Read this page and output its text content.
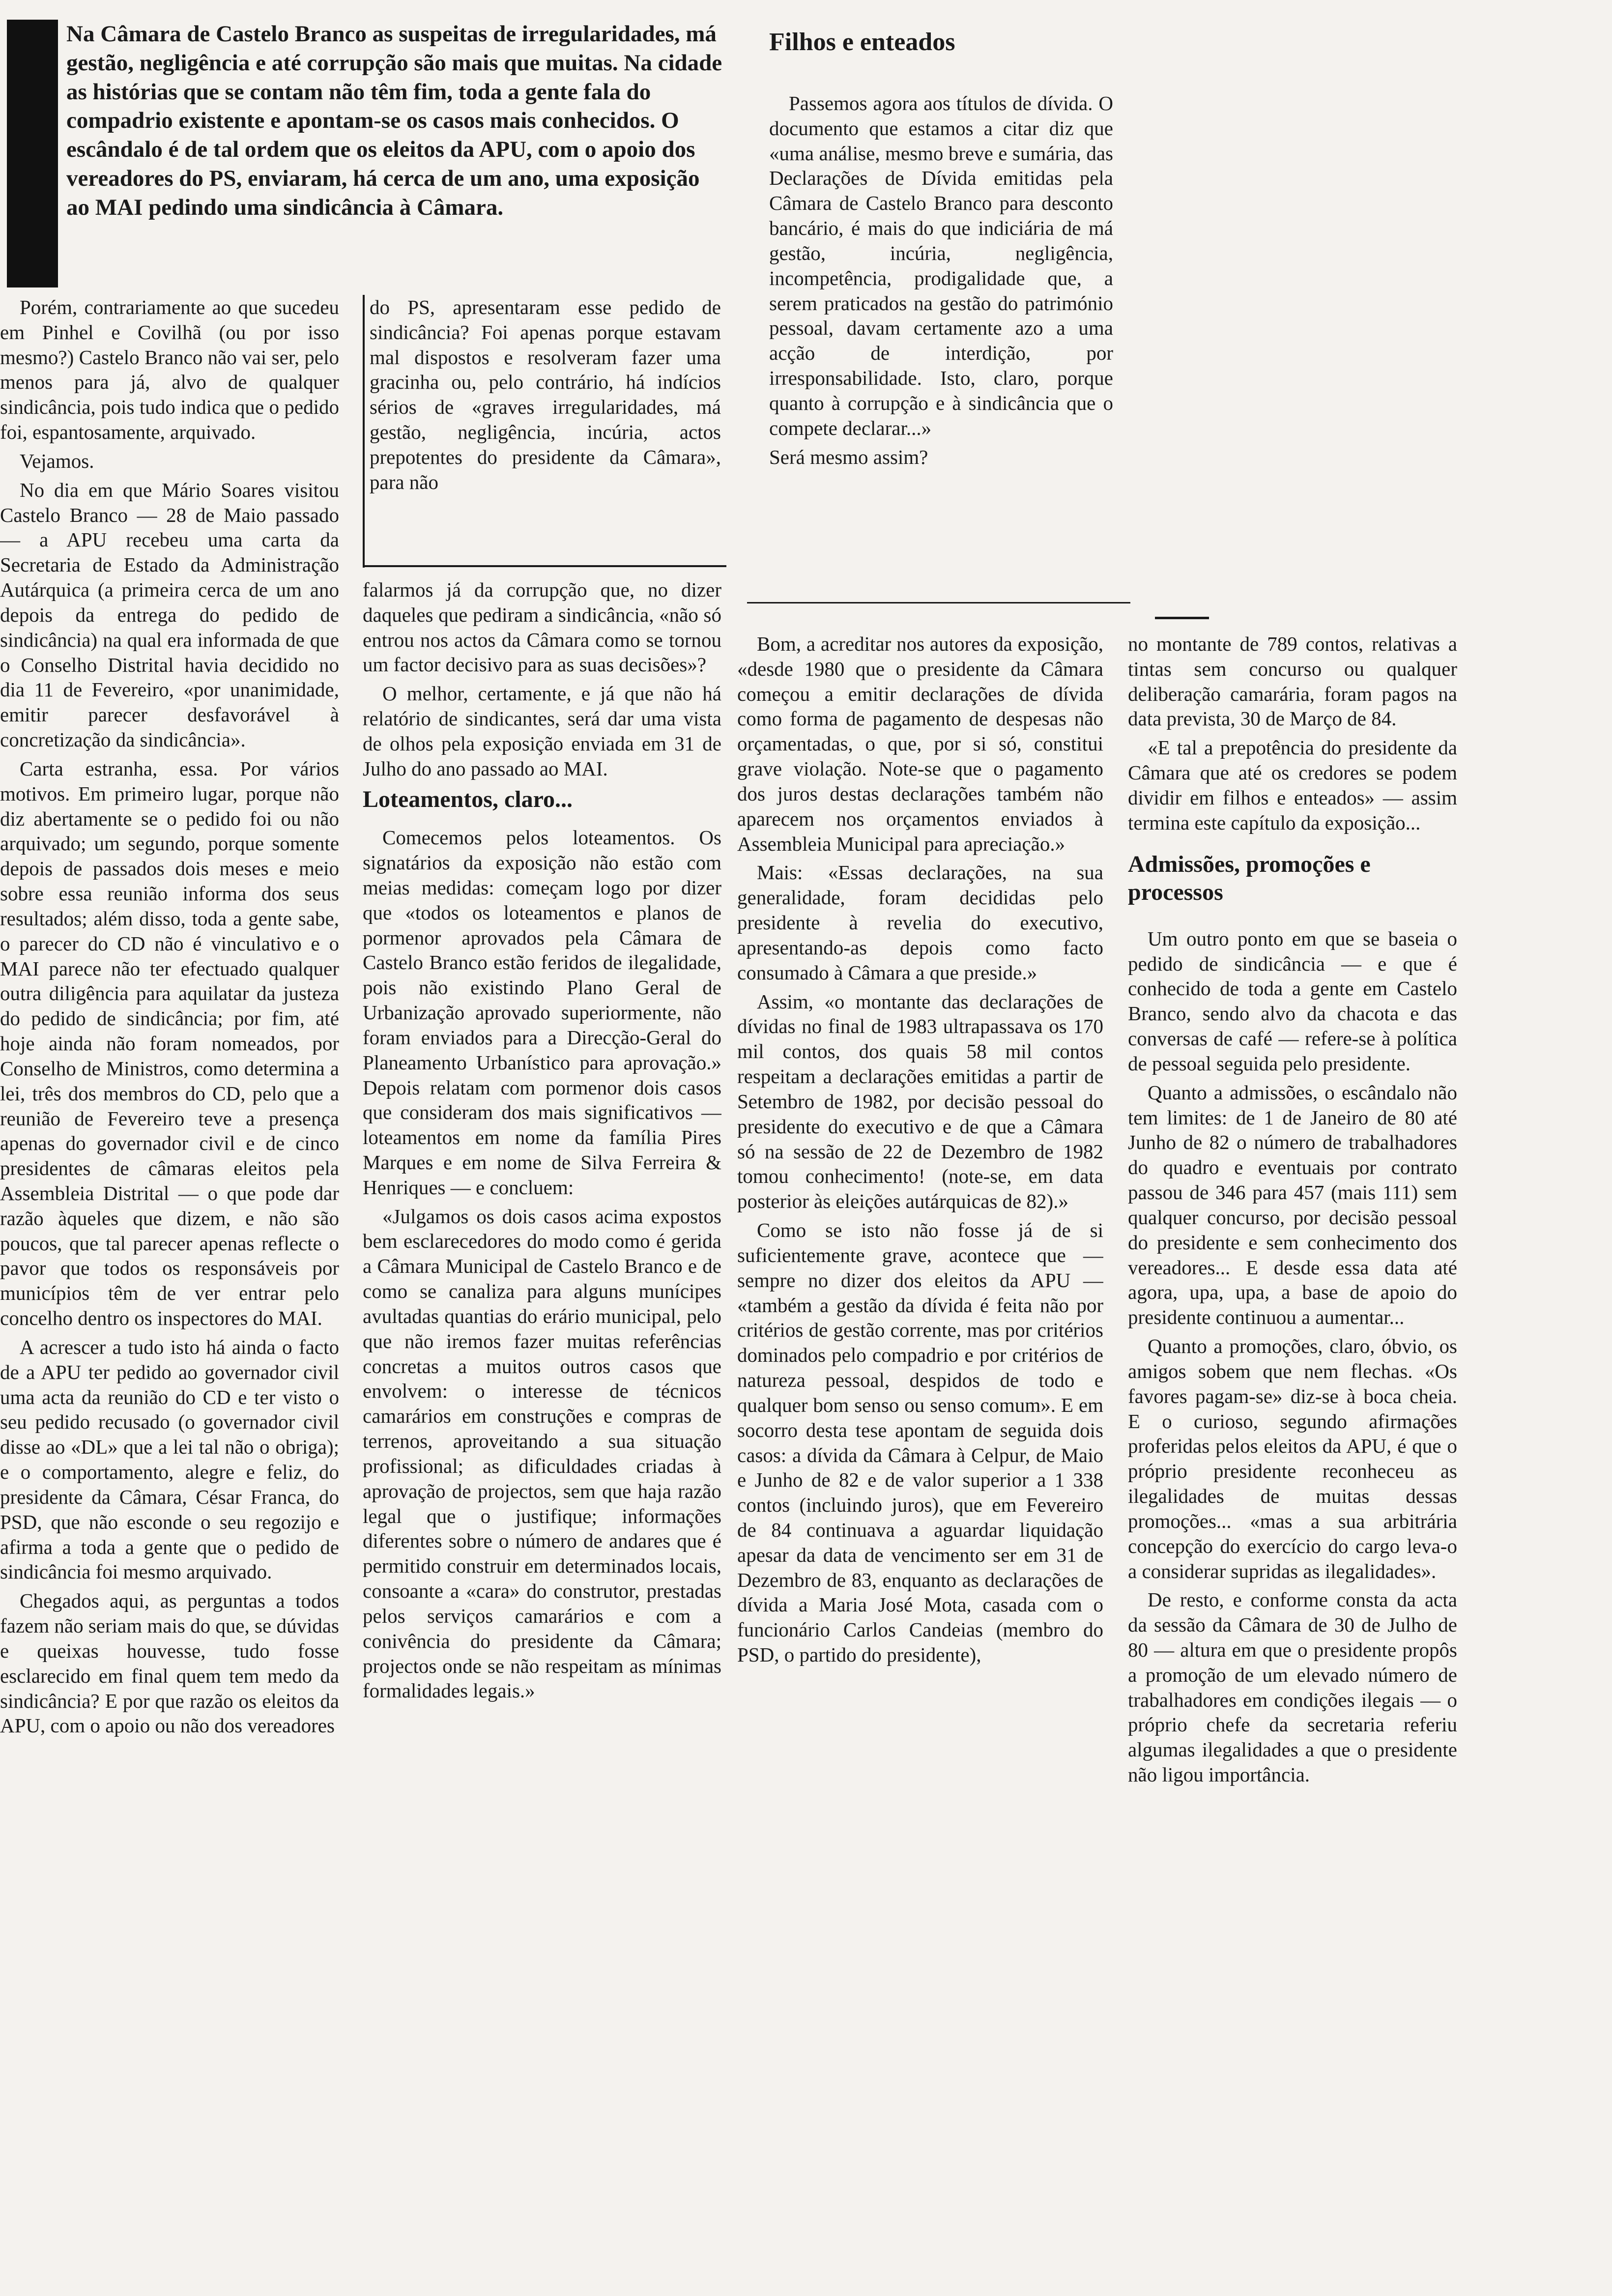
Na Câmara de Castelo Branco as suspeitas de irregularidades, má gestão, negligência e até corrupção são mais que muitas. Na cidade as histórias que se contam não têm fim, toda a gente fala do compadrio existente e apontam-se os casos mais conhecidos. O escândalo é de tal ordem que os eleitos da APU, com o apoio dos vereadores do PS, enviaram, há cerca de um ano, uma exposição ao MAI pedindo uma sindicância à Câmara.

Porém, contrariamente ao que sucedeu em Pinhel e Covilhã (ou por isso mesmo?) Castelo Branco não vai ser, pelo menos para já, alvo de qualquer sindicância, pois tudo indica que o pedido foi, espantosamente, arquivado.

Vejamos.

No dia em que Mário Soares visitou Castelo Branco — 28 de Maio passado — a APU recebeu uma carta da Secretaria de Estado da Administração Autárquica (a primeira cerca de um ano depois da entrega do pedido de sindicância) na qual era informada de que o Conselho Distrital havia decidido no dia 11 de Fevereiro, «por unanimidade, emitir parecer desfavorável à concretização da sindicância».

Carta estranha, essa. Por vários motivos. Em primeiro lugar, porque não diz abertamente se o pedido foi ou não arquivado; um segundo, porque somente depois de passados dois meses e meio sobre essa reunião informa dos seus resultados; além disso, toda a gente sabe, o parecer do CD não é vinculativo e o MAI parece não ter efectuado qualquer outra diligência para aquilatar da justeza do pedido de sindicância; por fim, até hoje ainda não foram nomeados, por Conselho de Ministros, como determina a lei, três dos membros do CD, pelo que a reunião de Fevereiro teve a presença apenas do governador civil e de cinco presidentes de câmaras eleitos pela Assembleia Distrital — o que pode dar razão àqueles que dizem, e não são poucos, que tal parecer apenas reflecte o pavor que todos os responsáveis por municípios têm de ver entrar pelo concelho dentro os inspectores do MAI.

A acrescer a tudo isto há ainda o facto de a APU ter pedido ao governador civil uma acta da reunião do CD e ter visto o seu pedido recusado (o governador civil disse ao «DL» que a lei tal não o obriga); e o comportamento, alegre e feliz, do presidente da Câmara, César Franca, do PSD, que não esconde o seu regozijo e afirma a toda a gente que o pedido de sindicância foi mesmo arquivado.

Chegados aqui, as perguntas a todos fazem não seriam mais do que, se dúvidas e queixas houvesse, tudo fosse esclarecido em final quem tem medo da sindicância? E por que razão os eleitos da APU, com o apoio ou não dos vereadores

do PS, apresentaram esse pedido de sindicância? Foi apenas porque estavam mal dispostos e resolveram fazer uma gracinha ou, pelo contrário, há indícios sérios de «graves irregularidades, má gestão, negligência, incúria, actos prepotentes do presidente da Câmara», para não

falarmos já da corrupção que, no dizer daqueles que pediram a sindicância, «não só entrou nos actos da Câmara como se tornou um factor decisivo para as suas decisões»?

O melhor, certamente, e já que não há relatório de sindicantes, será dar uma vista de olhos pela exposição enviada em 31 de Julho do ano passado ao MAI.

Loteamentos, claro...

Comecemos pelos loteamentos. Os signatários da exposição não estão com meias medidas: começam logo por dizer que «todos os loteamentos e planos de pormenor aprovados pela Câmara de Castelo Branco estão feridos de ilegalidade, pois não existindo Plano Geral de Urbanização aprovado superiormente, não foram enviados para a Direcção-Geral do Planeamento Urbanístico para aprovação.» Depois relatam com pormenor dois casos que consideram dos mais significativos — loteamentos em nome da família Pires Marques e em nome de Silva Ferreira & Henriques — e concluem:

«Julgamos os dois casos acima expostos bem esclarecedores do modo como é gerida a Câmara Municipal de Castelo Branco e de como se canaliza para alguns munícipes avultadas quantias do erário municipal, pelo que não iremos fazer muitas referências concretas a muitos outros casos que envolvem: o interesse de técnicos camarários em construções e compras de terrenos, aproveitando a sua situação profissional; as dificuldades criadas à aprovação de projectos, sem que haja razão legal que o justifique; informações diferentes sobre o número de andares que é permitido construir em determinados locais, consoante a «cara» do construtor, prestadas pelos serviços camarários e com a conivência do presidente da Câmara; projectos onde se não respeitam as mínimas formalidades legais.»

Filhos e enteados

Passemos agora aos títulos de dívida. O documento que estamos a citar diz que «uma análise, mesmo breve e sumária, das Declarações de Dívida emitidas pela Câmara de Castelo Branco para desconto bancário, é mais do que indiciária de má gestão, incúria, negligência, incompetência, prodigalidade que, a serem praticados na gestão do património pessoal, davam certamente azo a uma acção de interdição, por irresponsabilidade. Isto, claro, porque quanto à corrupção e à sindicância que o compete declarar...»

Será mesmo assim?

Bom, a acreditar nos autores da exposição, «desde 1980 que o presidente da Câmara começou a emitir declarações de dívida como forma de pagamento de despesas não orçamentadas, o que, por si só, constitui grave violação. Note-se que o pagamento dos juros destas declarações também não aparecem nos orçamentos enviados à Assembleia Municipal para apreciação.»

Mais: «Essas declarações, na sua generalidade, foram decididas pelo presidente à revelia do executivo, apresentando-as depois como facto consumado à Câmara a que preside.»

Assim, «o montante das declarações de dívidas no final de 1983 ultrapassava os 170 mil contos, dos quais 58 mil contos respeitam a declarações emitidas a partir de Setembro de 1982, por decisão pessoal do presidente do executivo e de que a Câmara só na sessão de 22 de Dezembro de 1982 tomou conhecimento! (note-se, em data posterior às eleições autárquicas de 82).»

Como se isto não fosse já de si suficientemente grave, acontece que — sempre no dizer dos eleitos da APU — «também a gestão da dívida é feita não por critérios de gestão corrente, mas por critérios dominados pelo compadrio e por critérios de natureza pessoal, despidos de todo e qualquer bom senso ou senso comum». E em socorro desta tese apontam de seguida dois casos: a dívida da Câmara à Celpur, de Maio e Junho de 82 e de valor superior a 1 338 contos (incluindo juros), que em Fevereiro de 84 continuava a aguardar liquidação apesar da data de vencimento ser em 31 de Dezembro de 83, enquanto as declarações de dívida a Maria José Mota, casada com o funcionário Carlos Candeias (membro do PSD, o partido do presidente),

no montante de 789 contos, relativas a tintas sem concurso ou qualquer deliberação camarária, foram pagos na data prevista, 30 de Março de 84.

«E tal a prepotência do presidente da Câmara que até os credores se podem dividir em filhos e enteados» — assim termina este capítulo da exposição...

Admissões, promoções e processos

Um outro ponto em que se baseia o pedido de sindicância — e que é conhecido de toda a gente em Castelo Branco, sendo alvo da chacota e das conversas de café — refere-se à política de pessoal seguida pelo presidente.

Quanto a admissões, o escândalo não tem limites: de 1 de Janeiro de 80 até Junho de 82 o número de trabalhadores do quadro e eventuais por contrato passou de 346 para 457 (mais 111) sem qualquer concurso, por decisão pessoal do presidente e sem conhecimento dos vereadores... E desde essa data até agora, upa, upa, a base de apoio do presidente continuou a aumentar...

Quanto a promoções, claro, óbvio, os amigos sobem que nem flechas. «Os favores pagam-se» diz-se à boca cheia. E o curioso, segundo afirmações proferidas pelos eleitos da APU, é que o próprio presidente reconheceu as ilegalidades de muitas dessas promoções... «mas a sua arbitrária concepção do exercício do cargo leva-o a considerar supridas as ilegalidades».

De resto, e conforme consta da acta da sessão da Câmara de 30 de Julho de 80 — altura em que o presidente propôs a promoção de um elevado número de trabalhadores em condições ilegais — o próprio chefe da secretaria referiu algumas ilegalidades a que o presidente não ligou importância.
